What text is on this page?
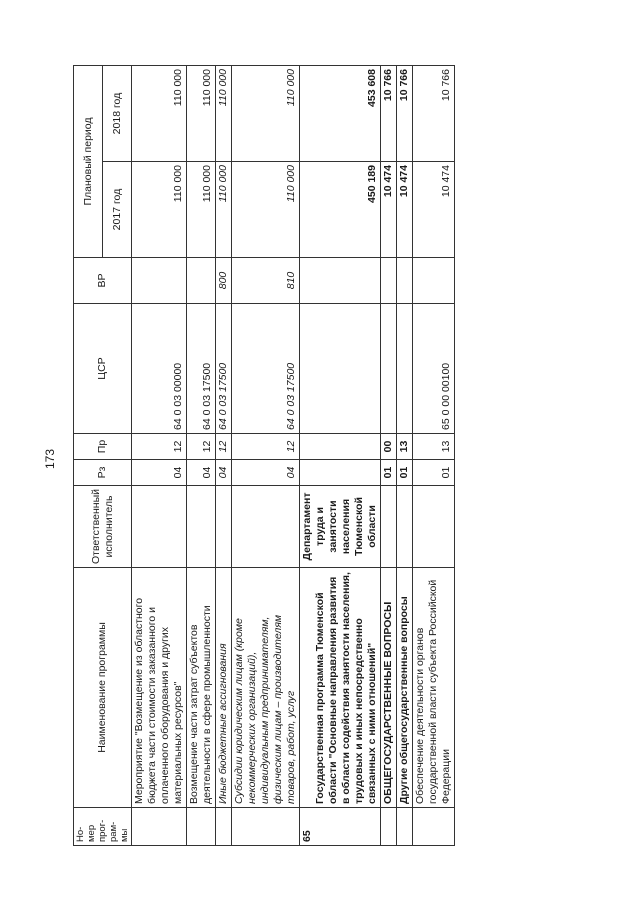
173
Но-
мер
прог-
рам-
мы	Наименование программы	Ответственный исполнитель	Рз	Пр	ЦСР	ВР	Плановый период	
							2017 год	2018 год
	Мероприятие "Возмещение из областного бюджета части стоимости заказанного и оплаченного оборудования и других материальных ресурсов"		04	12	64 0 03 00000		110 000	110 000
	Возмещение части затрат субъектов деятельности в сфере промышленности		04	12	64 0 03 17500		110 000	110 000
	Иные бюджетные ассигнования		04	12	64 0 03 17500	800	110 000	110 000
	Субсидии юридическим лицам (кроме некоммерческих организаций), индивидуальным предпринимателям, физическим лицам – производителям товаров, работ, услуг		04	12	64 0 03 17500	810	110 000	110 000
65	Государственная программа Тюменской области "Основные направления развития в области содействия занятости населения, трудовых и иных непосредственно связанных с ними отношений"	Департамент труда и занятости населения Тюменской области					450 189	453 608
	ОБЩЕГОСУДАРСТВЕННЫЕ ВОПРОСЫ		01	00			10 474	10 766
	Другие общегосударственные вопросы		01	13			10 474	10 766
	Обеспечение деятельности органов государственной власти субъекта Российской Федерации		01	13	65 0 00 00100		10 474	10 766
